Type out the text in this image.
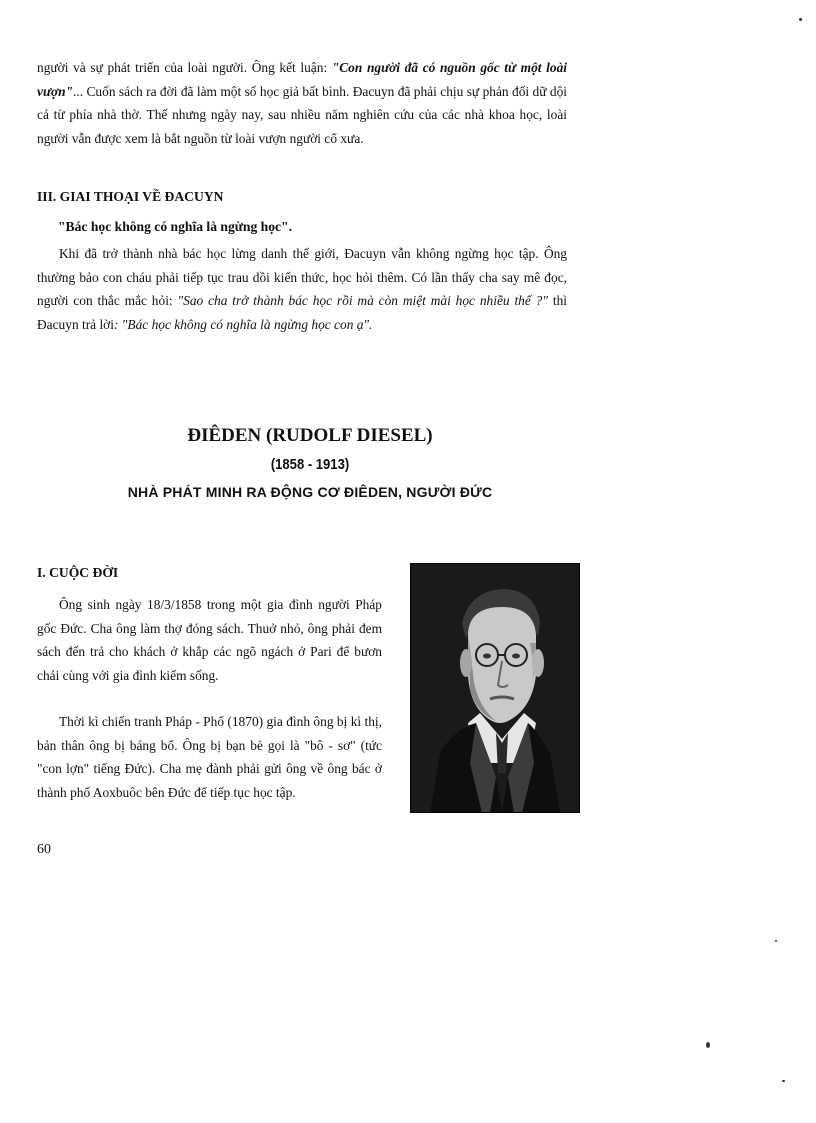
người và sự phát triển của loài người. Ông kết luận: "Con người đã có nguồn gốc từ một loài vượn"... Cuốn sách ra đời đã làm một số học giả bất bình. Đacuyn đã phải chịu sự phản đối dữ dội cả từ phía nhà thờ. Thế nhưng ngày nay, sau nhiều năm nghiên cứu của các nhà khoa học, loài người vẫn được xem là bắt nguồn từ loài vượn người cổ xưa.

III. GIAI THOẠI VỀ ĐACUYN

"Bác học không có nghĩa là ngừng học".

Khi đã trở thành nhà bác học lừng danh thế giới, Đacuyn vẫn không ngừng học tập. Ông thường bảo con cháu phải tiếp tục trau dồi kiến thức, học hỏi thêm. Có lần thấy cha say mê đọc, người con thắc mắc hỏi: "Sao cha trở thành bác học rồi mà còn miệt mài học nhiều thế ?" thì Đacuyn trả lời: "Bác học không có nghĩa là ngừng học con ạ".

ĐIÊDEN (RUDOLF DIESEL)

(1858 - 1913)

NHÀ PHÁT MINH RA ĐỘNG CƠ ĐIÊDEN, NGƯỜI ĐỨC

I. CUỘC ĐỜI

Ông sinh ngày 18/3/1858 trong một gia đình người Pháp gốc Đức. Cha ông làm thợ đóng sách. Thuở nhỏ, ông phải đem sách đến trả cho khách ở khắp các ngõ ngách ở Pari để bươn chải cùng với gia đình kiếm sống.

Thời kì chiến tranh Pháp - Phổ (1870) gia đình ông bị kì thị, bản thân ông bị báng bổ. Ông bị bạn bè gọi là "bô - sơ" (tức "con lợn" tiếng Đức). Cha mẹ đành phải gửi ông về ông bác ở thành phố Aoxbuôc bên Đức để tiếp tục học tập.

60
